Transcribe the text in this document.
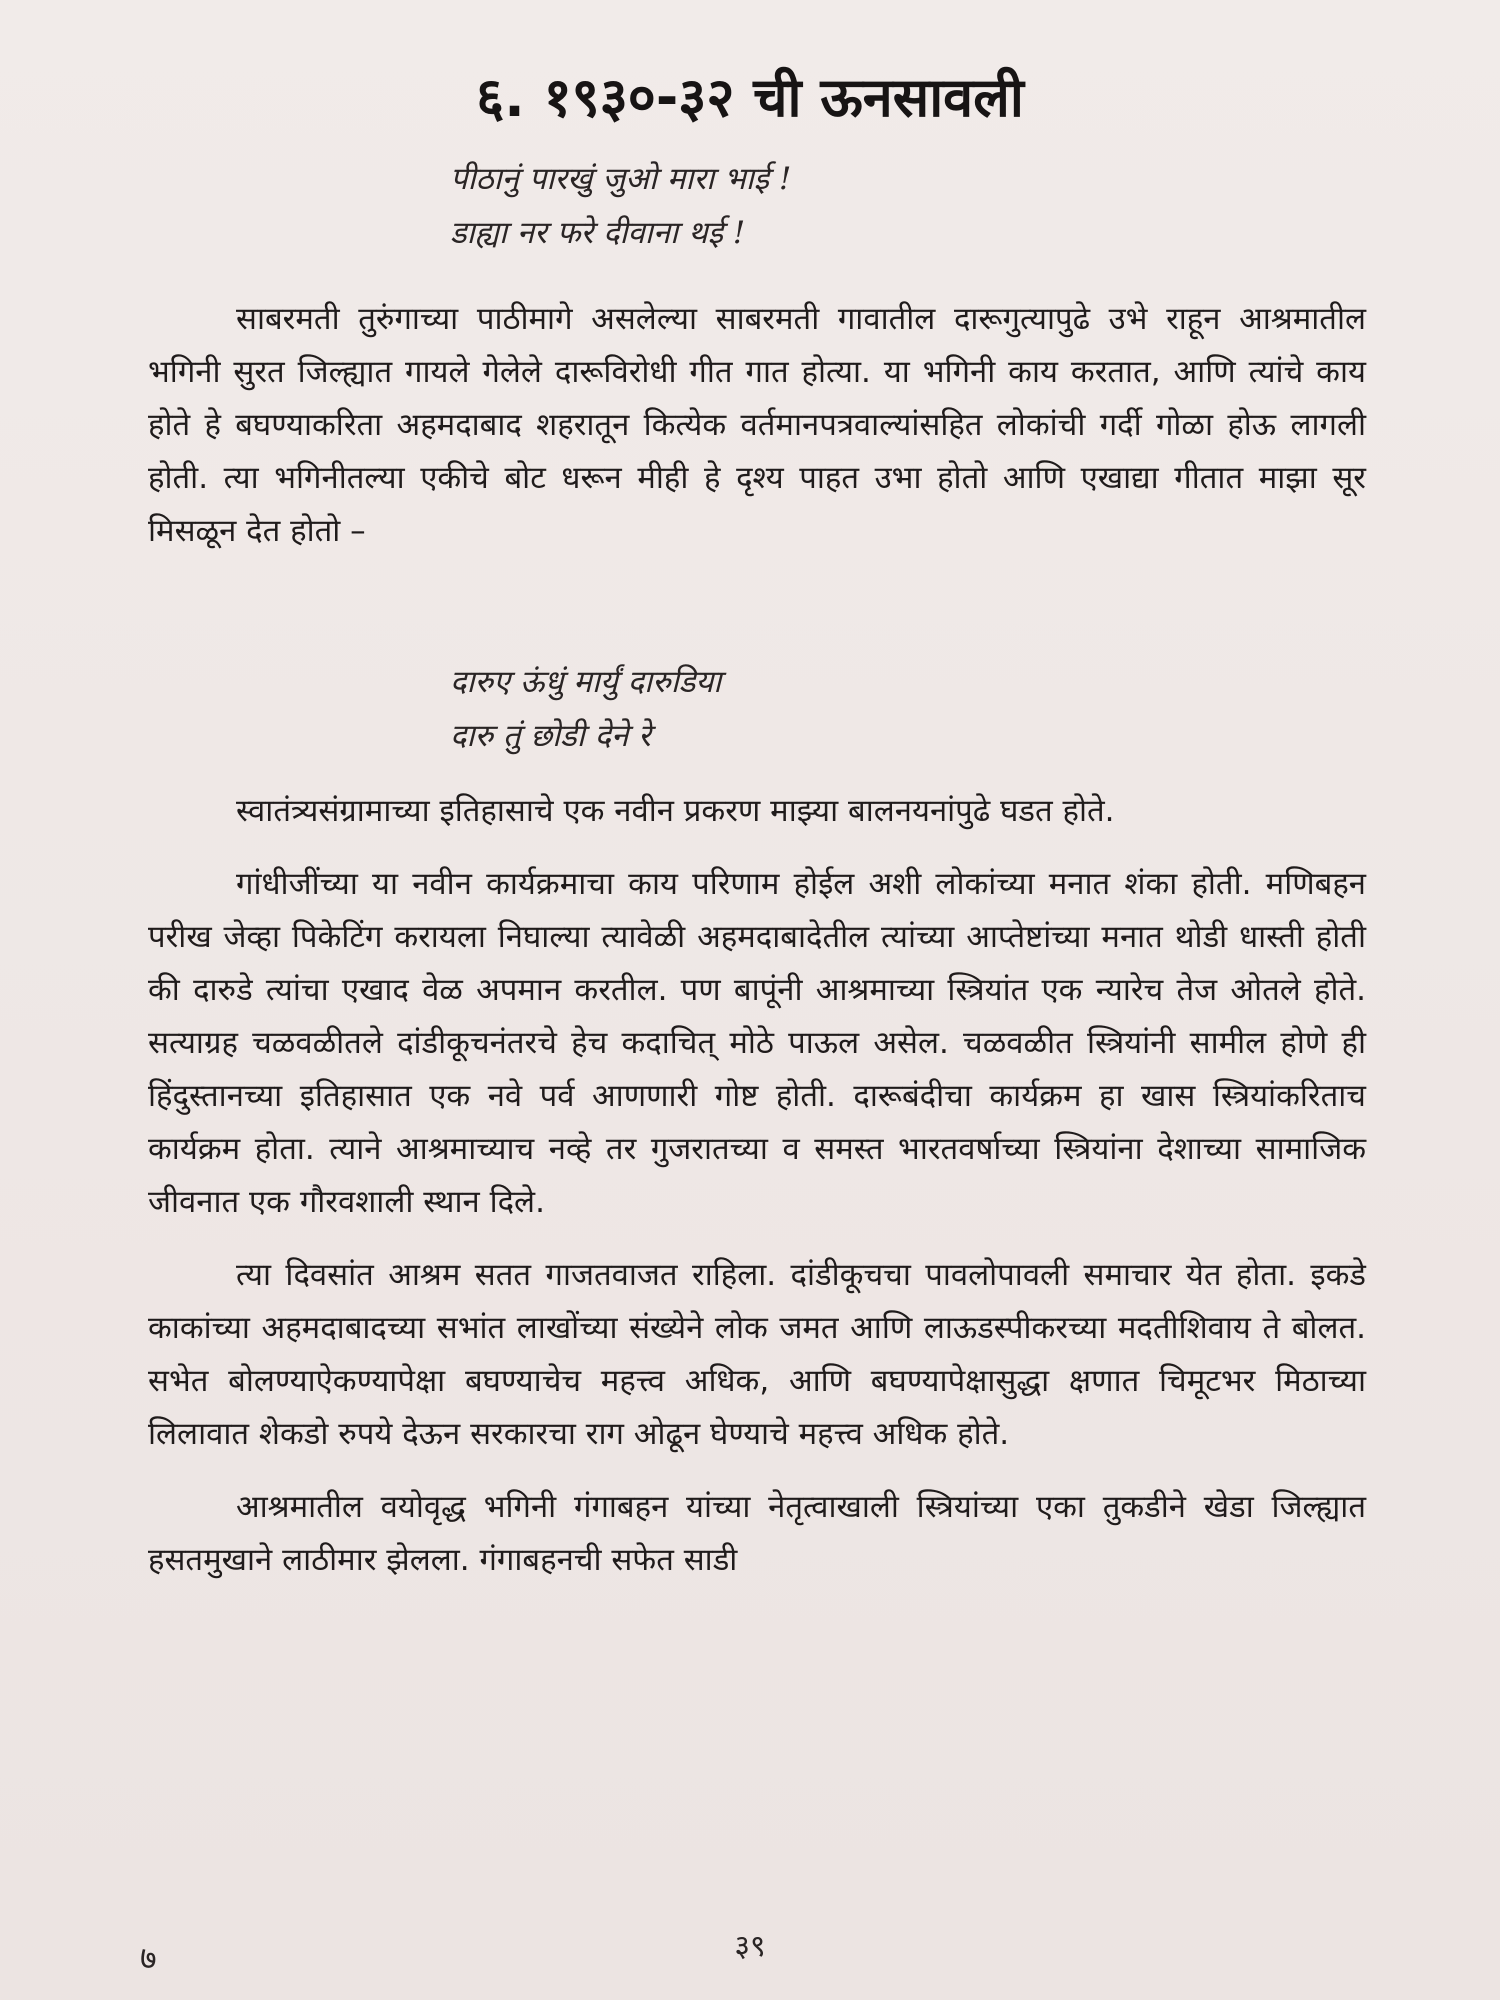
६. १९३०-३२ ची ऊनसावली
पीठानुं पारखुं जुओ मारा भाई !
डाह्या नर फरे दीवाना थई !

साबरमती तुरुंगाच्या पाठीमागे असलेल्या साबरमती गावातील दारूगुत्यापुढे उभे राहून आश्रमातील भगिनी सुरत जिल्ह्यात गायले गेलेले दारूविरोधी गीत गात होत्या. या भगिनी काय करतात, आणि त्यांचे काय होते हे बघण्याकरिता अहमदाबाद शहरातून कित्येक वर्तमानपत्रवाल्यांसहित लोकांची गर्दी गोळा होऊ लागली होती. त्या भगिनीतल्या एकीचे बोट धरून मीही हे दृश्य पाहत उभा होतो आणि एखाद्या गीतात माझा सूर मिसळून देत होतो –

दारुए ऊंधुं मार्युं दारुडिया
दारु तुं छोडी देने रे

स्वातंत्र्यसंग्रामाच्या इतिहासाचे एक नवीन प्रकरण माझ्या बालनयनांपुढे घडत होते.

गांधीजींच्या या नवीन कार्यक्रमाचा काय परिणाम होईल अशी लोकांच्या मनात शंका होती. मणिबहन परीख जेव्हा पिकेटिंग करायला निघाल्या त्यावेळी अहमदाबादेतील त्यांच्या आप्तेष्टांच्या मनात थोडी धास्ती होती की दारुडे त्यांचा एखाद वेळ अपमान करतील. पण बापूंनी आश्रमाच्या स्त्रियांत एक न्यारेच तेज ओतले होते. सत्याग्रह चळवळीतले दांडीकूचनंतरचे हेच कदाचित् मोठे पाऊल असेल. चळवळीत स्त्रियांनी सामील होणे ही हिंदुस्तानच्या इतिहासात एक नवे पर्व आणणारी गोष्ट होती. दारूबंदीचा कार्यक्रम हा खास स्त्रियांकरिताच कार्यक्रम होता. त्याने आश्रमाच्याच नव्हे तर गुजरातच्या व समस्त भारतवर्षाच्या स्त्रियांना देशाच्या सामाजिक जीवनात एक गौरवशाली स्थान दिले.

त्या दिवसांत आश्रम सतत गाजतवाजत राहिला. दांडीकूचचा पावलोपावली समाचार येत होता. इकडे काकांच्या अहमदाबादच्या सभांत लाखोंच्या संख्येने लोक जमत आणि लाऊडस्पीकरच्या मदतीशिवाय ते बोलत. सभेत बोलण्याऐकण्यापेक्षा बघण्याचेच महत्त्व अधिक, आणि बघण्यापेक्षासुद्धा क्षणात चिमूटभर मिठाच्या लिलावात शेकडो रुपये देऊन सरकारचा राग ओढून घेण्याचे महत्त्व अधिक होते.

आश्रमातील वयोवृद्ध भगिनी गंगाबहन यांच्या नेतृत्वाखाली स्त्रियांच्या एका तुकडीने खेडा जिल्ह्यात हसतमुखाने लाठीमार झेलला. गंगाबहनची सफेत साडी

३९
७
